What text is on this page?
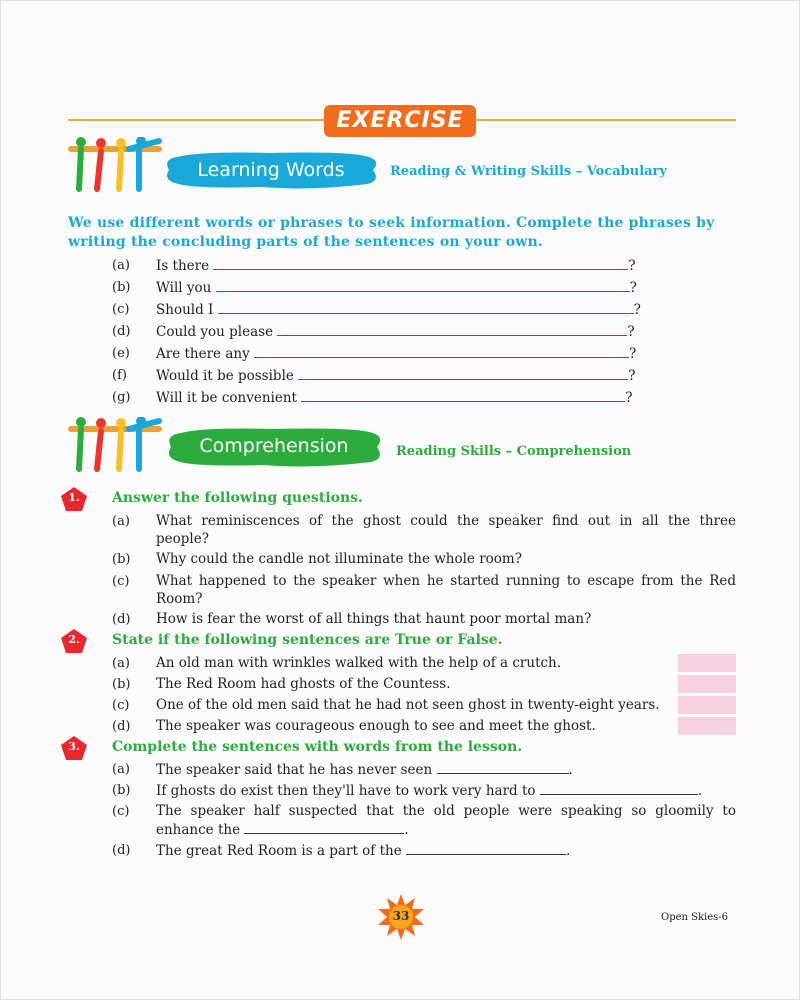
EXERCISE
Learning Words	Reading & Writing Skills – Vocabulary
We use different words or phrases to seek information. Complete the phrases by writing the concluding parts of the sentences on your own.
(a) Is there	?
(b) Will you	?
(c) Should I	?
(d) Could you please	?
(e) Are there any	?
(f) Would it be possible	?
(g) Will it be convenient	?
Comprehension	Reading Skills – Comprehension
1.	Answer the following questions.
(a) What reminiscences of the ghost could the speaker find out in all the three
people?
(b) Why could the candle not illuminate the whole room?
(c) What happened to the speaker when he started running to escape from the Red
Room?
(d) How is fear the worst of all things that haunt poor mortal man?
2.	State if the following sentences are True or False.
(a) An old man with wrinkles walked with the help of a crutch.
(b) The Red Room had ghosts of the Countess.
(c) One of the old men said that he had not seen ghost in twenty-eight years.
(d) The speaker was courageous enough to see and meet the ghost.
3.	Complete the sentences with words from the lesson.
(a) The speaker said that he has never seen	.
(b) If ghosts do exist then they'll have to work very hard to	.
(c) The speaker half suspected that the old people were speaking so gloomily to
enhance the	.
(d) The great Red Room is a part of the	.
33	Open Skies-6
